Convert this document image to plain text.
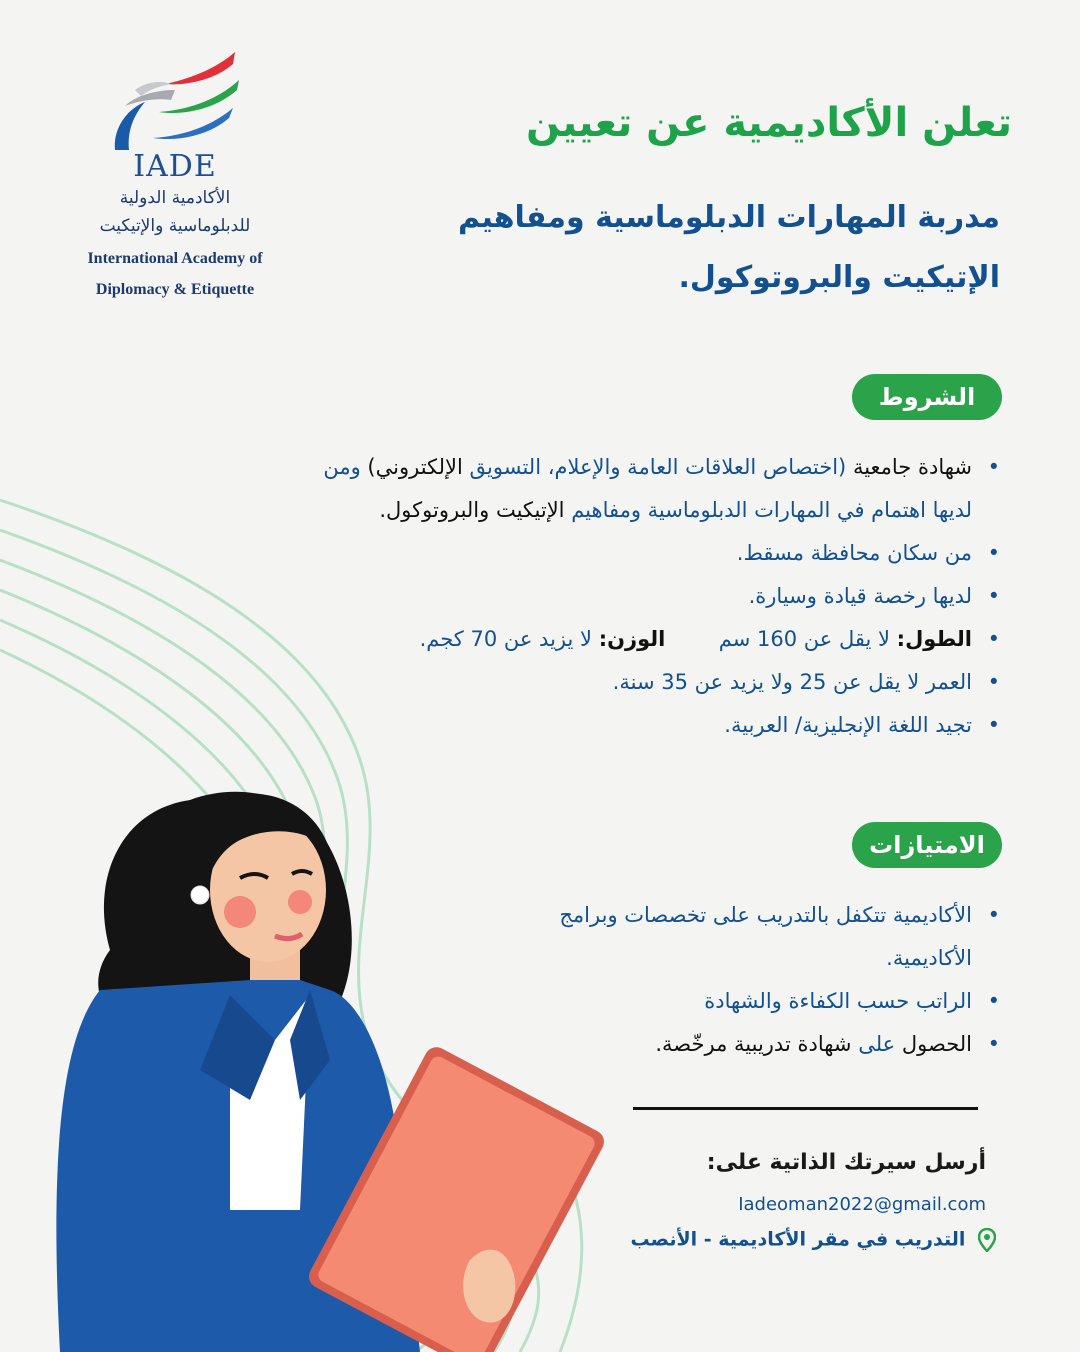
IADE
الأكادمية الدولية
للدبلوماسية والإتيكيت
International Academy of
Diplomacy & Etiquette
تعلن الأكاديمية عن تعيين
مدربة المهارات الدبلوماسية ومفاهيم الإتيكيت والبروتوكول.
الشروط
• شهادة جامعية (اختصاص العلاقات العامة والإعلام، التسويق الإلكتروني) ومن لديها اهتمام في المهارات الدبلوماسية ومفاهيم الإتيكيت والبروتوكول.
• من سكان محافظة مسقط.
• لديها رخصة قيادة وسيارة.
• الطول: لا يقل عن 160 سم  الوزن: لا يزيد عن 70 كجم.
• العمر لا يقل عن 25 ولا يزيد عن 35 سنة.
• تجيد اللغة الإنجليزية/ العربية.
الامتيازات
• الأكاديمية تتكفل بالتدريب على تخصصات وبرامج الأكاديمية.
• الراتب حسب الكفاءة والشهادة
• الحصول على شهادة تدريبية مرخّصة.
أرسل سيرتك الذاتية على:
Iadeoman2022@gmail.com
التدريب في مقر الأكاديمية - الأنصب
